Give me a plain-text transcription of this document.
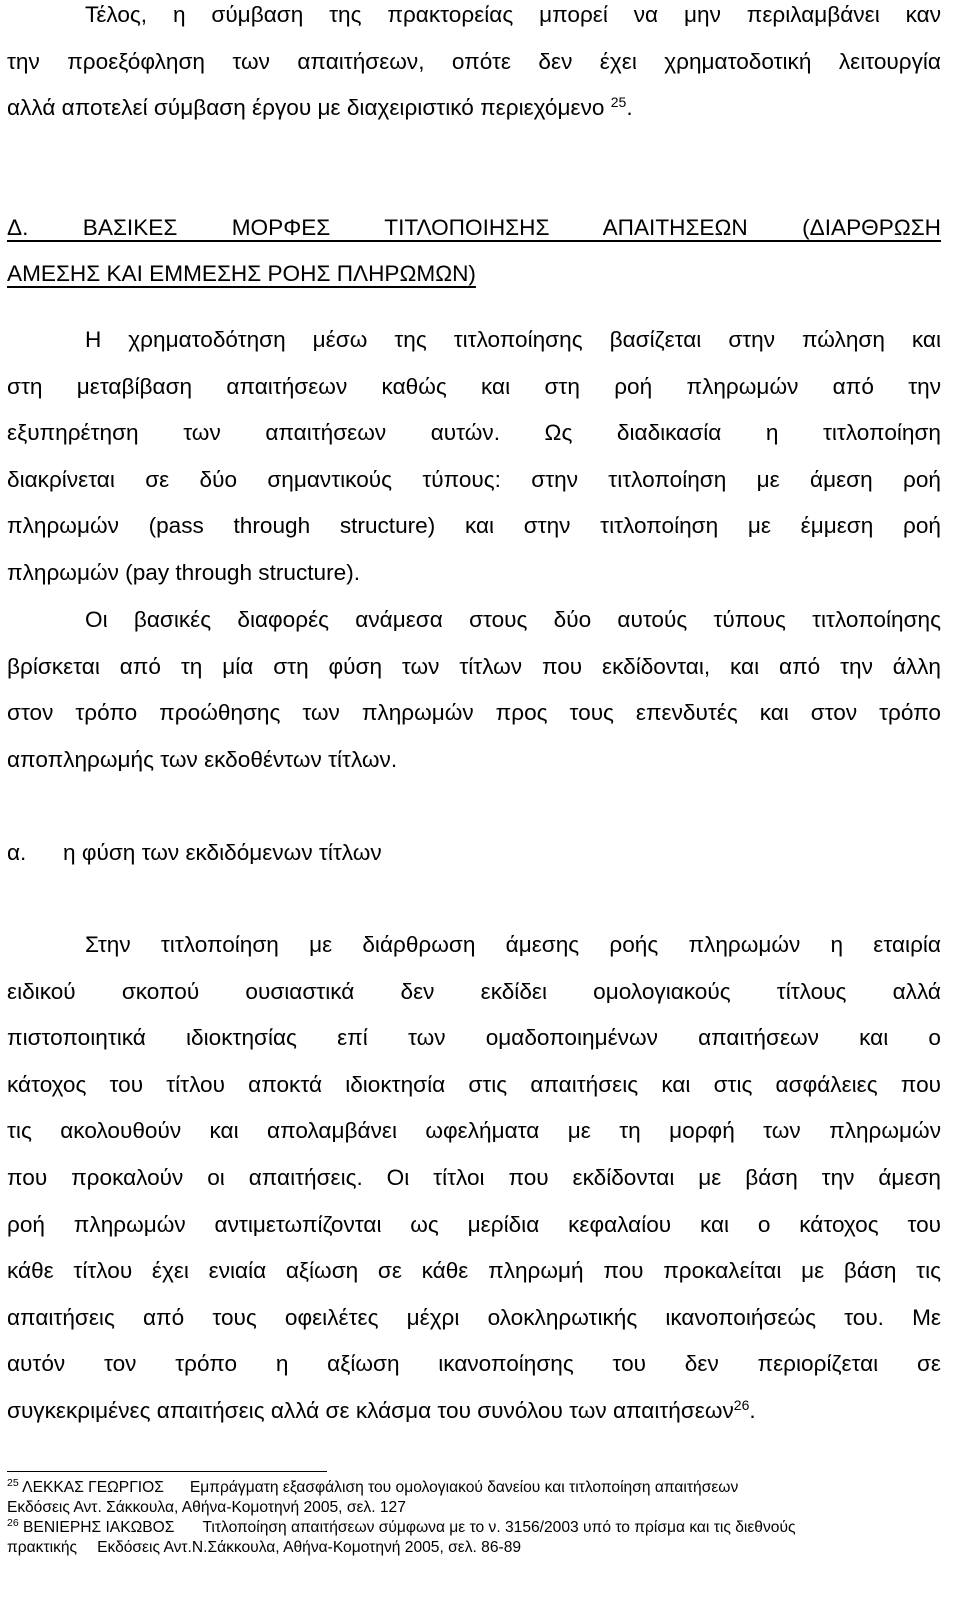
Τέλος, η σύμβαση της πρακτορείας μπορεί να μην περιλαμβάνει καν
την προεξόφληση των απαιτήσεων, οπότε δεν έχει χρηματοδοτική λειτουργία
αλλά αποτελεί σύμβαση έργου με διαχειριστικό περιεχόμενο $^{25}$.
Δ. ΒΑΣΙΚΕΣ ΜΟΡΦΕΣ ΤΙΤΛΟΠΟΙΗΣΗΣ ΑΠΑΙΤΗΣΕΩΝ (ΔΙΑΡΘΡΩΣΗ
ΑΜΕΣΗΣ ΚΑΙ ΕΜΜΕΣΗΣ ΡΟΗΣ ΠΛΗΡΩΜΩΝ)
Η χρηματοδότηση μέσω της τιτλοποίησης βασίζεται στην πώληση και
στη μεταβίβαση απαιτήσεων καθώς και στη ροή πληρωμών από την
εξυπηρέτηση των απαιτήσεων αυτών. Ως διαδικασία η τιτλοποίηση
διακρίνεται σε δύο σημαντικούς τύπους: στην τιτλοποίηση με άμεση ροή
πληρωμών (pass through structure) και στην τιτλοποίηση με έμμεση ροή
πληρωμών (pay through structure).
Οι βασικές διαφορές ανάμεσα στους δύο αυτούς τύπους τιτλοποίησης
βρίσκεται από τη μία στη φύση των τίτλων που εκδίδονται, και από την άλλη
στον τρόπο προώθησης των πληρωμών προς τους επενδυτές και στον τρόπο
αποπληρωμής των εκδοθέντων τίτλων.
α. η φύση των εκδιδόμενων τίτλων
Στην τιτλοποίηση με διάρθρωση άμεσης ροής πληρωμών η εταιρία
ειδικού σκοπού ουσιαστικά δεν εκδίδει ομολογιακούς τίτλους αλλά
πιστοποιητικά ιδιοκτησίας επί των ομαδοποιημένων απαιτήσεων και ο
κάτοχος του τίτλου αποκτά ιδιοκτησία στις απαιτήσεις και στις ασφάλειες που
τις ακολουθούν και απολαμβάνει ωφελήματα με τη μορφή των πληρωμών
που προκαλούν οι απαιτήσεις. Οι τίτλοι που εκδίδονται με βάση την άμεση
ροή πληρωμών αντιμετωπίζονται ως μερίδια κεφαλαίου και ο κάτοχος του
κάθε τίτλου έχει ενιαία αξίωση σε κάθε πληρωμή που προκαλείται με βάση τις
απαιτήσεις από τους οφειλέτες μέχρι ολοκληρωτικής ικανοποιήσεώς του. Με
αυτόν τον τρόπο η αξίωση ικανοποίησης του δεν περιορίζεται σε
συγκεκριμένες απαιτήσεις αλλά σε κλάσμα του συνόλου των απαιτήσεων$^{26}$.
$^{25}$ ΛΕΚΚΑΣ ΓΕΩΡΓΙΟΣ Εμπράγματη εξασφάλιση του ομολογιακού δανείου και τιτλοποίηση απαιτήσεων
Εκδόσεις Αντ. Σάκκουλα, Αθήνα-Κομοτηνή 2005, σελ. 127
$^{26}$ ΒΕΝΙΕΡΗΣ ΙΑΚΩΒΟΣ Τιτλοποίηση απαιτήσεων σύμφωνα με το ν. 3156/2003 υπό το πρίσμα και τις διεθνούς
πρακτικής Εκδόσεις Αντ.Ν.Σάκκουλα, Αθήνα-Κομοτηνή 2005, σελ. 86-89
